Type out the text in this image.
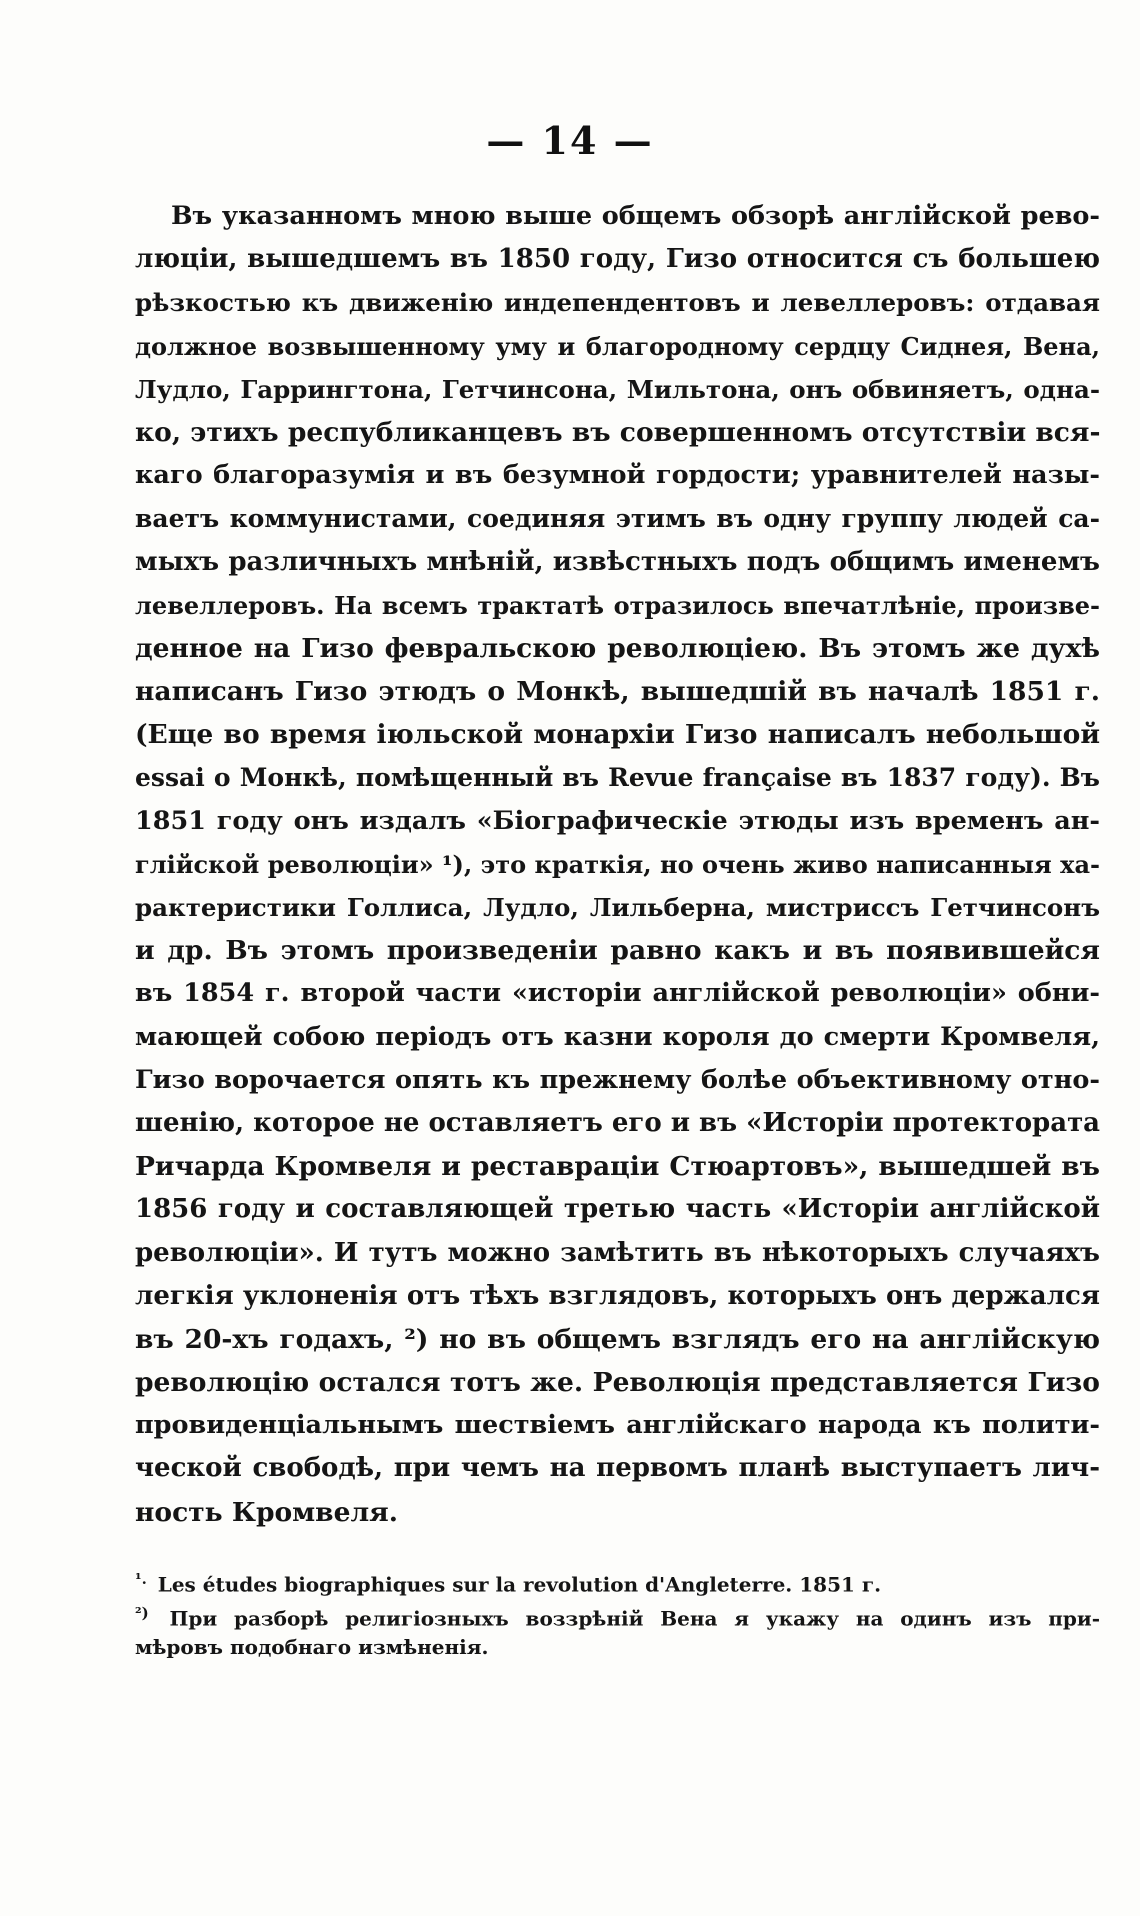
— 14 —
Въ указанномъ мною выше общемъ обзорѣ англійской рево-
люціи, вышедшемъ въ 1850 году, Гизо относится съ большею
рѣзкостью къ движенію индепендентовъ и левеллеровъ: отдавая
должное возвышенному уму и благородному сердцу Сиднея, Вена,
Лудло, Гаррингтона, Гетчинсона, Мильтона, онъ обвиняетъ, одна-
ко, этихъ республиканцевъ въ совершенномъ отсутствіи вся-
каго благоразумія и въ безумной гордости; уравнителей назы-
ваетъ коммунистами, соединяя этимъ въ одну группу людей са-
мыхъ различныхъ мнѣній, извѣстныхъ подъ общимъ именемъ
левеллеровъ. На всемъ трактатѣ отразилось впечатлѣніе, произве-
денное на Гизо февральскою революціею. Въ этомъ же духѣ
написанъ Гизо этюдъ о Монкѣ, вышедшій въ началѣ 1851 г.
(Еще во время іюльской монархіи Гизо написалъ небольшой
essai о Монкѣ, помѣщенный въ Revue française въ 1837 году). Въ
1851 году онъ издалъ «Біографическіе этюды изъ временъ ан-
глійской революціи» ¹), это краткія, но очень живо написанныя ха-
рактеристики Голлиса, Лудло, Лильберна, мистриссъ Гетчинсонъ
и др. Въ этомъ произведеніи равно какъ и въ появившейся
въ 1854 г. второй части «исторіи англійской революціи» обни-
мающей собою періодъ отъ казни короля до смерти Кромвеля,
Гизо ворочается опять къ прежнему болѣе объективному отно-
шенію, которое не оставляетъ его и въ «Исторіи протектората
Ричарда Кромвеля и реставраціи Стюартовъ», вышедшей въ
1856 году и составляющей третью часть «Исторіи англійской
революціи». И тутъ можно замѣтить въ нѣкоторыхъ случаяхъ
легкія уклоненія отъ тѣхъ взглядовъ, которыхъ онъ держался
въ 20-хъ годахъ, ²) но въ общемъ взглядъ его на англійскую
революцію остался тотъ же. Революція представляется Гизо
провиденціальнымъ шествіемъ англійскаго народа къ полити-
ческой свободѣ, при чемъ на первомъ планѣ выступаетъ лич-
ность Кромвеля.
$^{^1.}$ Les études biographiques sur la revolution d'Angleterre. 1851 г.
$^{^2)}$ При разборѣ религіозныхъ воззрѣній Вена я укажу на одинъ изъ при-
мѣровъ подобнаго измѣненія.
